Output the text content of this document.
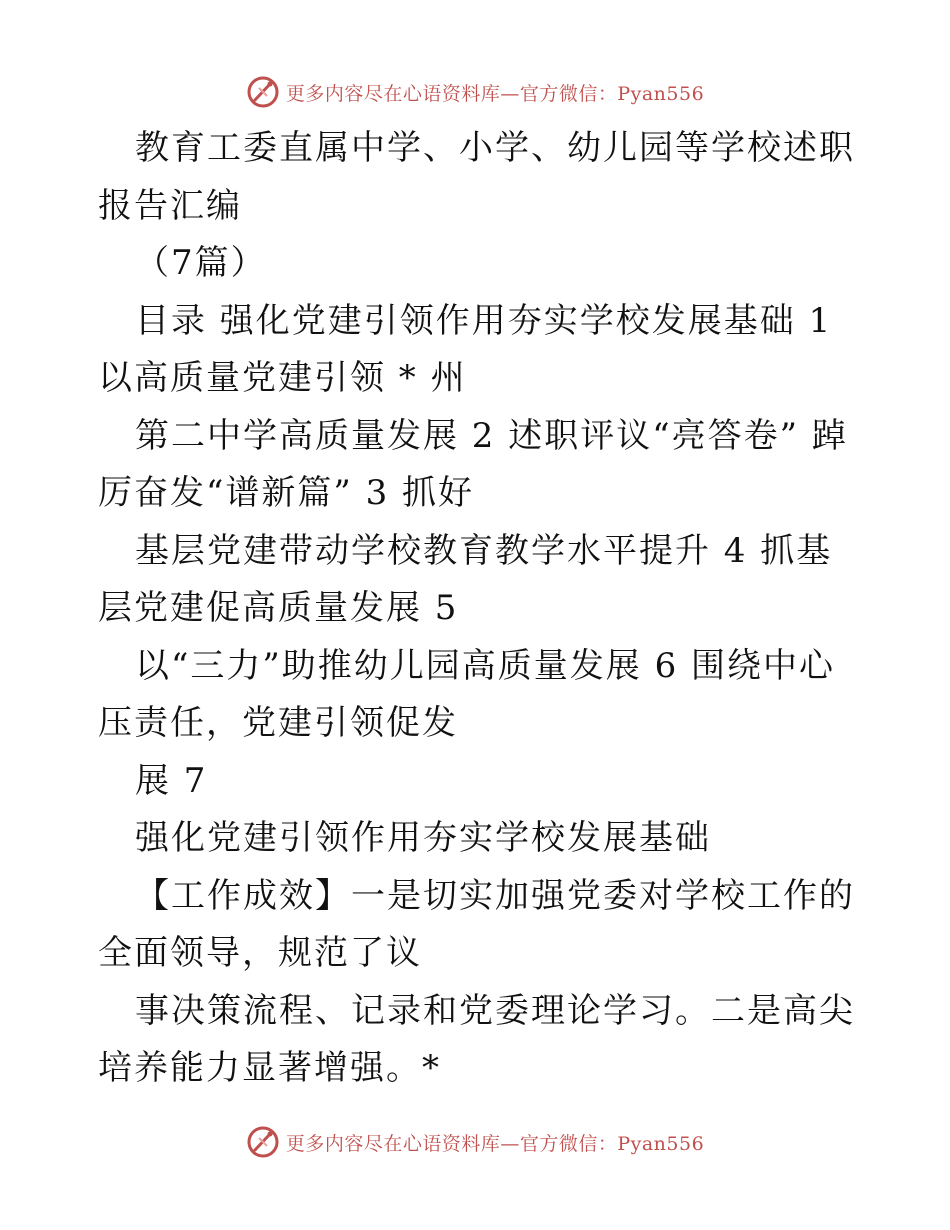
更多内容尽在心语资料库—官方微信：Pyan556

教育工委直属中学、小学、幼儿园等学校述职报告汇编

（7篇）

目录 强化党建引领作用夯实学校发展基础 1 以高质量党建引领 * 州

第二中学高质量发展 2 述职评议“亮答卷” 踔厉奋发“谱新篇” 3 抓好

基层党建带动学校教育教学水平提升 4 抓基层党建促高质量发展 5

以“三力”助推幼儿园高质量发展 6 围绕中心压责任，党建引领促发

展 7

强化党建引领作用夯实学校发展基础

【工作成效】一是切实加强党委对学校工作的全面领导，规范了议

事决策流程、记录和党委理论学习。二是高尖培养能力显著增强。*

更多内容尽在心语资料库—官方微信：Pyan556
